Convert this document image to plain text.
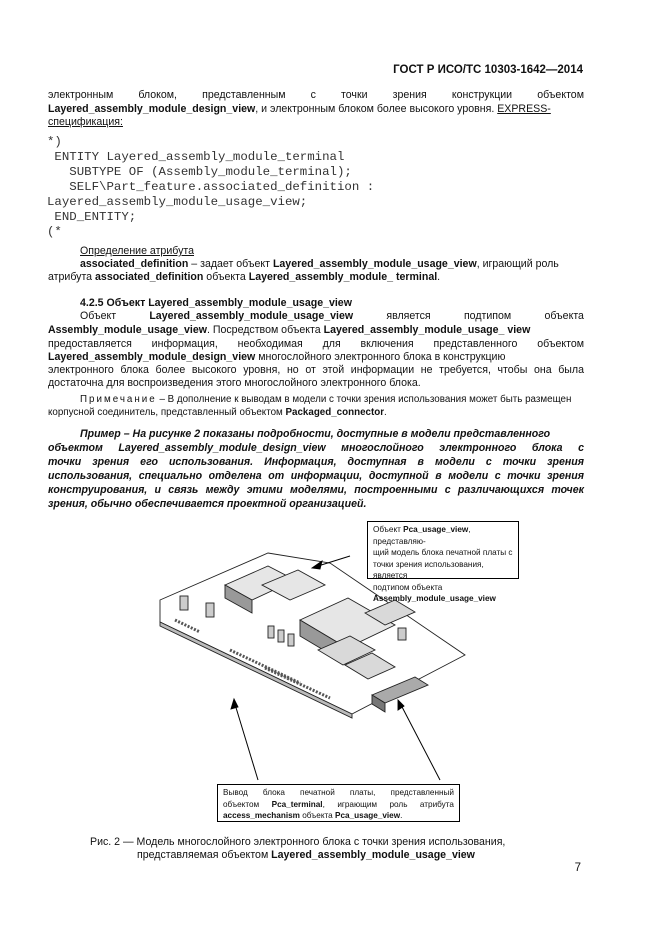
ГОСТ Р ИСО/ТС 10303-1642—2014
электронным блоком, представленным с точки зрения конструкции объектом
Layered_assembly_module_design_view, и электронным блоком более высокого уровня. EXPRESS-
спецификация:
*)
ENTITY Layered_assembly_module_terminal
SUBTYPE OF (Assembly_module_terminal);
SELF\Part_feature.associated_definition :
Layered_assembly_module_usage_view;
END_ENTITY;
(*
Определение атрибута
associated_definition – задает объект Layered_assembly_module_usage_view, играющий роль
атрибута associated_definition объекта Layered_assembly_module_ terminal.
4.2.5 Объект Layered_assembly_module_usage_view
Объект	Layered_assembly_module_usage_view	является	подтипом	объекта
Assembly_module_usage_view. Посредством объекта Layered_assembly_module_usage_ view
предоставляется информация, необходимая для включения представленного объектом
Layered_assembly_module_design_view многослойного электронного блока в конструкцию
электронного блока более высокого уровня, но от этой информации не требуется, чтобы она была
достаточна для воспроизведения этого многослойного электронного блока.
Примечание – В дополнение к выводам в модели с точки зрения использования может быть размещен
корпусной соединитель, представленный объектом Packaged_connector.
Пример – На рисунке 2 показаны подробности, доступные в модели представленного
объектом Layered_assembly_module_design_view многослойного электронного блока с
точки зрения его использования. Информация, доступная в модели с точки зрения
использования, специально отделена от информации, доступной в модели с точки зрения
конструирования, и связь между этими моделями, построенными с различающихся точек
зрения, обычно обеспечивается проектной организацией.
Объект Pca_usage_view, представляю-
щий модель блока печатной платы с
точки зрения использования, является
подтипом объекта
Assembly_module_usage_view
Вывод блока печатной платы, представленный
объектом Pca_terminal, играющим роль атрибута
access_mechanism объекта Pca_usage_view.
Рис. 2 — Модель многослойного электронного блока с точки зрения использования,
представляемая объектом Layered_assembly_module_usage_view
7
